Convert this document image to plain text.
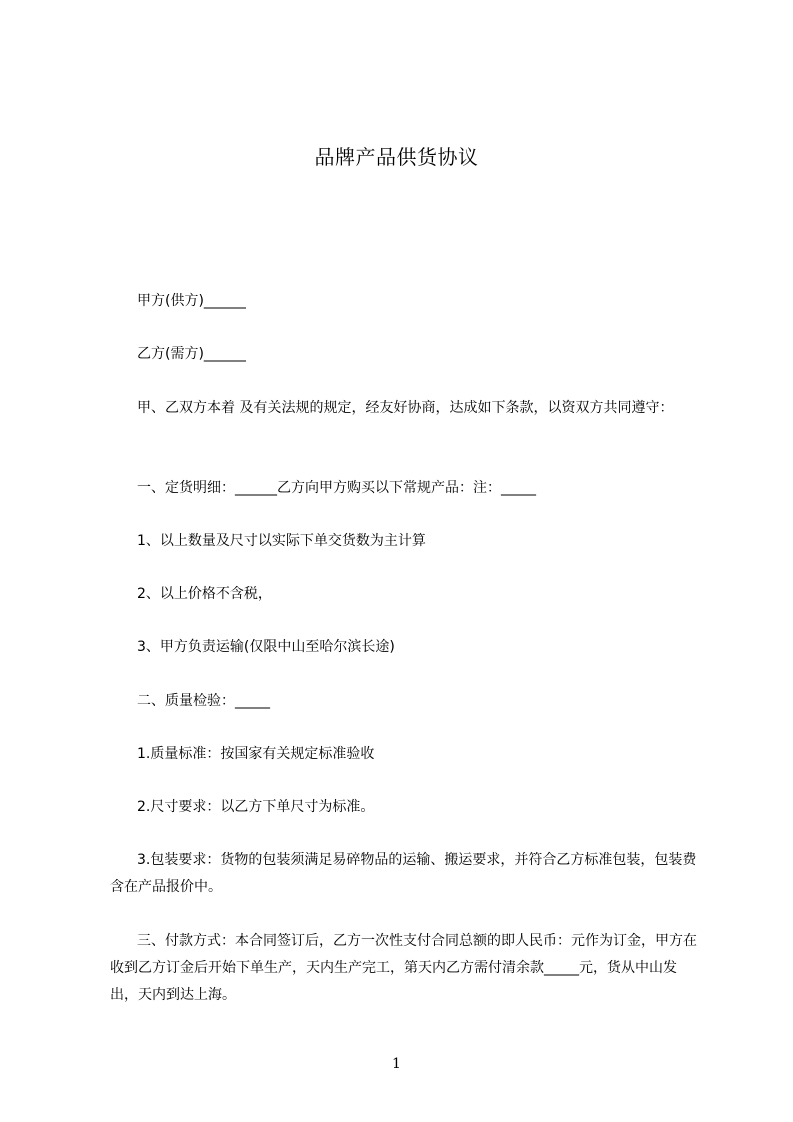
品牌产品供货协议

甲方(供方)______

乙方(需方)______

甲、乙双方本着 及有关法规的规定，经友好协商，达成如下条款，以资双方共同遵守：

一、定货明细：______乙方向甲方购买以下常规产品：注：_____

1、以上数量及尺寸以实际下单交货数为主计算

2、以上价格不含税，

3、甲方负责运输(仅限中山至哈尔滨长途)

二、质量检验：_____

1.质量标准：按国家有关规定标准验收

2.尺寸要求：以乙方下单尺寸为标准。

3.包装要求：货物的包装须满足易碎物品的运输、搬运要求，并符合乙方标准包装，包装费含在产品报价中。

三、付款方式：本合同签订后，乙方一次性支付合同总额的即人民币：元作为订金，甲方在收到乙方订金后开始下单生产，天内生产完工，第天内乙方需付清余款_____元，货从中山发出，天内到达上海。

1
